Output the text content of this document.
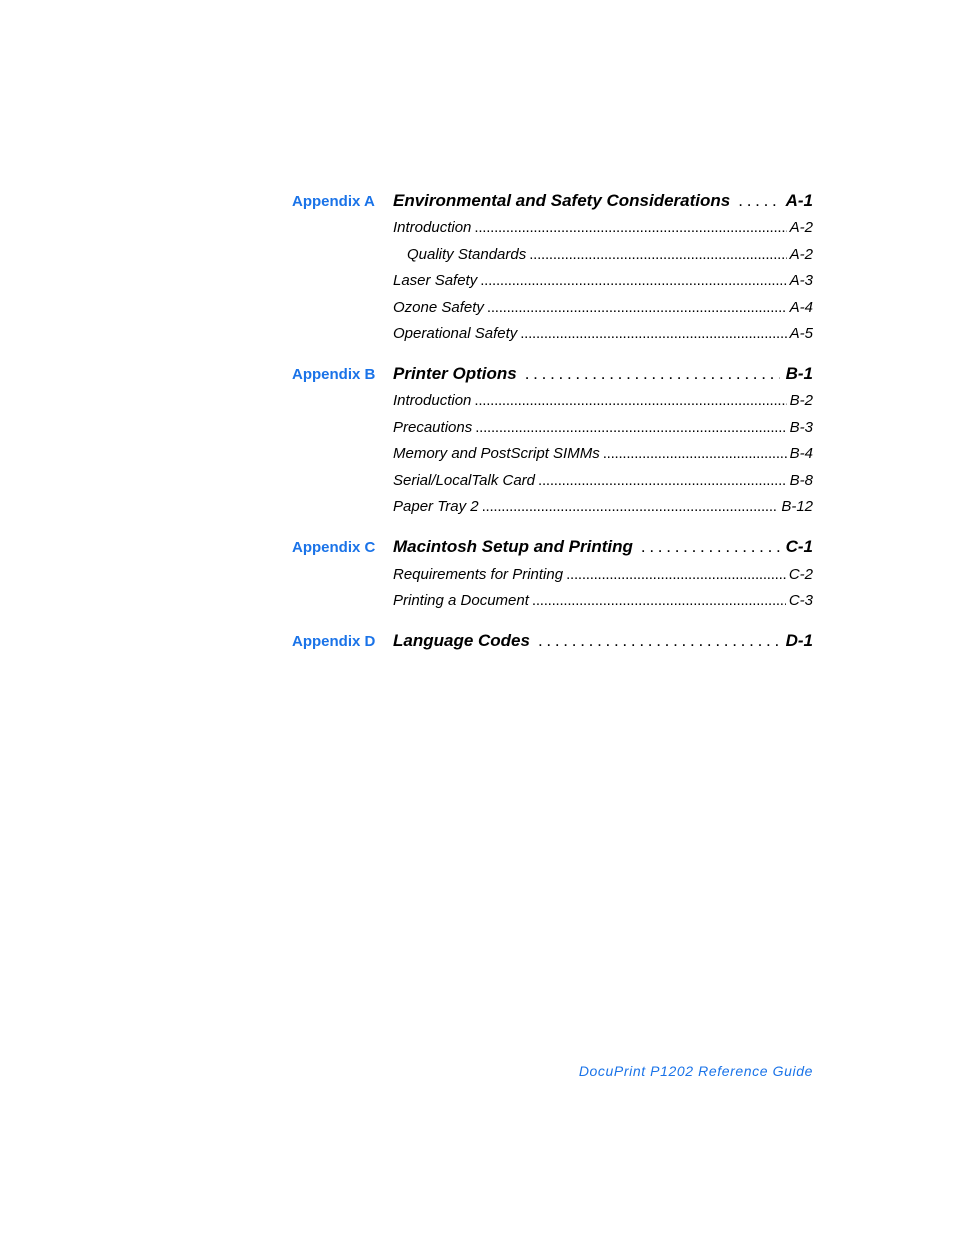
Appendix A	Environmental and Safety Considerations . . .	A-1
Introduction . . .	A-2
Quality Standards . . .	A-2
Laser Safety . . .	A-3
Ozone Safety . . .	A-4
Operational Safety . . .	A-5
Appendix B	Printer Options . . .	B-1
Introduction . . .	B-2
Precautions . . .	B-3
Memory and PostScript SIMMs . . .	B-4
Serial/LocalTalk Card . . .	B-8
Paper Tray 2 . . .	B-12
Appendix C	Macintosh Setup and Printing . . .	C-1
Requirements for Printing . . .	C-2
Printing a Document . . .	C-3
Appendix D	Language Codes . . .	D-1
DocuPrint P1202 Reference Guide
